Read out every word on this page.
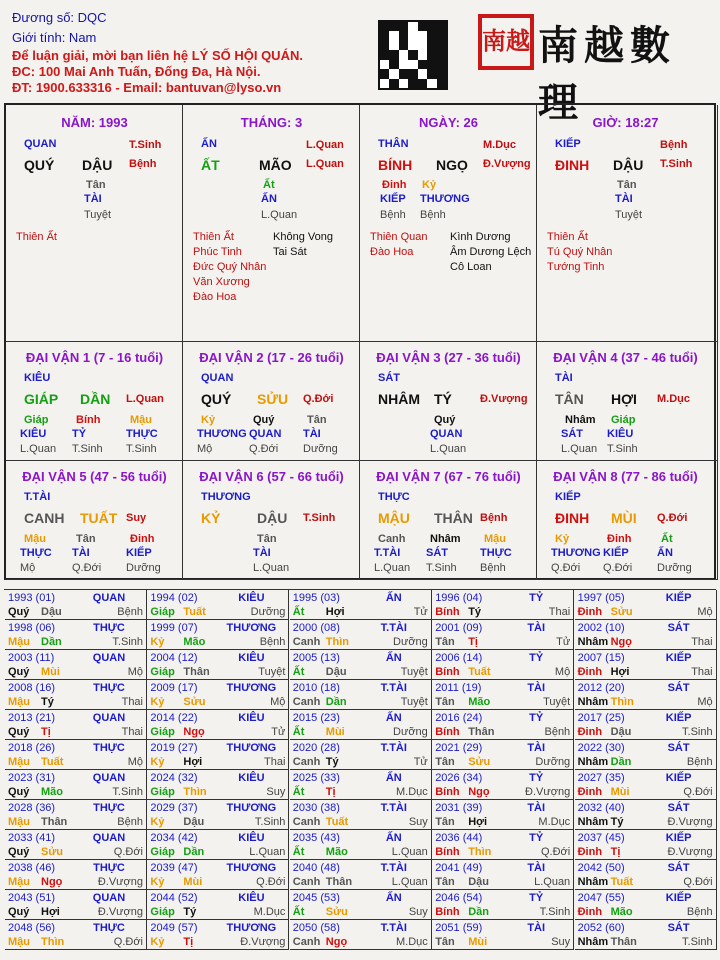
Đương số: DQC
Giới tính: Nam
Để luận giải, mời bạn liên hệ LÝ SỐ HỘI QUÁN.
ĐC: 100 Mai Anh Tuấn, Đống Đa, Hà Nội.
ĐT: 1900.633316 - Email: bantuvan@lyso.vn
南越 南越數理
NĂM: 1993
QUAN	T.Sinh
QUÝ DẬU Bệnh
Tân
TÀI
Tuyệt
Thiên Ất
THÁNG: 3
ẤN	L.Quan
ẤT	MÃO L.Quan
Ất
ẤN
L.Quan
Thiên Ất
Phúc Tinh
Đức Quý Nhân
Văn Xương
Đào Hoa
Không Vong
Tai Sát
NGÀY: 26
THÂN	M.Dục
BÍNH NGỌ Đ.Vượng
Đinh
KIẾP
Bệnh
Kỷ
THƯƠNG
Bệnh
Thiên Quan
Đào Hoa
Kình Dương
Âm Dương Lệch
Cô Loan
GIỜ: 18:27
KIẾP	Bệnh
ĐINH DẬU T.Sinh
Tân
TÀI
Tuyệt
Thiên Ất
Tú Quý Nhân
Tướng Tinh
ĐẠI VẬN 1 (7 - 16 tuổi)
KIÊU
GIÁP DẦN L.Quan
Giáp
KIÊU
L.Quan
Bính
TỶ
T.Sinh
Mậu
THỰC
T.Sinh
ĐẠI VẬN 2 (17 - 26 tuổi)
QUAN
QUÝ SỬU Q.Đới
Kỷ
THƯƠNG
Mộ
Quý
QUAN
Q.Đới
Tân
TÀI
Dưỡng
ĐẠI VẬN 3 (27 - 36 tuổi)
SÁT
NHÂM TÝ	Đ.Vượng
Quý
QUAN
L.Quan
ĐẠI VẬN 4 (37 - 46 tuổi)
TÀI
TÂN HỢI M.Dục
Nhâm
SÁT
L.Quan
Giáp
KIÊU
T.Sinh
ĐẠI VẬN 5 (47 - 56 tuổi)
T.TÀI
CANH TUẤT Suy
Mậu
THỰC
Mộ
Tân
TÀI
Q.Đới
Đinh
KIẾP
Dưỡng
ĐẠI VẬN 6 (57 - 66 tuổi)
THƯƠNG
KỶ	DẬU T.Sinh
Tân
TÀI
L.Quan
ĐẠI VẬN 7 (67 - 76 tuổi)
THỰC
MẬU THÂN Bệnh
Canh
T.TÀI
L.Quan
Nhâm
SÁT
T.Sinh
Mậu
THỰC
Bệnh
ĐẠI VẬN 8 (77 - 86 tuổi)
KIẾP
ĐINH MÙI Q.Đới
Kỷ
THƯƠNG
Q.Đới
Đinh
KIẾP
Q.Đới
Ất
ẤN
Dưỡng
1993 (01)	QUAN
Quý Dậu	Bệnh
1994 (02)	KIÊU
Giáp Tuất	Dưỡng
1995 (03)	ẤN
Ất Hợi	Tử
1996 (04)	TỶ
Bính Tý	Thai
1997 (05)	KIẾP
Đinh Sửu	Mộ
1998 (06)	THỰC
Mậu Dần	T.Sinh
1999 (07)	THƯƠNG
Kỷ Mão	Bệnh
2000 (08)	T.TÀI
Canh Thìn	Dưỡng
2001 (09)	TÀI
Tân Tị	Tử
2002 (10)	SÁT
Nhâm Ngọ	Thai
2003 (11)	QUAN
Quý Mùi	Mộ
2004 (12)	KIÊU
Giáp Thân	Tuyệt
2005 (13)	ẤN
Ất Dậu	Tuyệt
2006 (14)	TỶ
Bính Tuất	Mộ
2007 (15)	KIẾP
Đinh Hợi	Thai
2008 (16)	THỰC
Mậu Tý	Thai
2009 (17)	THƯƠNG
Kỷ Sửu	Mộ
2010 (18)	T.TÀI
Canh Dần	Tuyệt
2011 (19)	TÀI
Tân Mão	Tuyệt
2012 (20)	SÁT
Nhâm Thìn	Mộ
2013 (21)	QUAN
Quý Tị	Thai
2014 (22)	KIÊU
Giáp Ngọ	Tử
2015 (23)	ẤN
Ất Mùi	Dưỡng
2016 (24)	TỶ
Bính Thân	Bệnh
2017 (25)	KIẾP
Đinh Dậu	T.Sinh
2018 (26)	THỰC
Mậu Tuất	Mộ
2019 (27)	THƯƠNG
Kỷ Hợi	Thai
2020 (28)	T.TÀI
Canh Tý	Tử
2021 (29)	TÀI
Tân Sửu	Dưỡng
2022 (30)	SÁT
Nhâm Dần	Bệnh
2023 (31)	QUAN
Quý Mão	T.Sinh
2024 (32)	KIÊU
Giáp Thìn	Suy
2025 (33)	ẤN
Ất Tị	M.Dục
2026 (34)	TỶ
Bính Ngọ	Đ.Vượng
2027 (35)	KIẾP
Đinh Mùi	Q.Đới
2028 (36)	THỰC
Mậu Thân	Bệnh
2029 (37)	THƯƠNG
Kỷ Dậu	T.Sinh
2030 (38)	T.TÀI
Canh Tuất	Suy
2031 (39)	TÀI
Tân Hợi	M.Dục
2032 (40)	SÁT
Nhâm Tý	Đ.Vượng
2033 (41)	QUAN
Quý Sửu	Q.Đới
2034 (42)	KIÊU
Giáp Dần	L.Quan
2035 (43)	ẤN
Ất Mão	L.Quan
2036 (44)	TỶ
Bính Thìn	Q.Đới
2037 (45)	KIẾP
Đinh Tị	Đ.Vượng
2038 (46)	THỰC
Mậu Ngọ	Đ.Vượng
2039 (47)	THƯƠNG
Kỷ Mùi	Q.Đới
2040 (48)	T.TÀI
Canh Thân	L.Quan
2041 (49)	TÀI
Tân Dậu	L.Quan
2042 (50)	SÁT
Nhâm Tuất	Q.Đới
2043 (51)	QUAN
Quý Hợi	Đ.Vượng
2044 (52)	KIÊU
Giáp Tý	M.Dục
2045 (53)	ẤN
Ất Sửu	Suy
2046 (54)	TỶ
Bính Dần	T.Sinh
2047 (55)	KIẾP
Đinh Mão	Bệnh
2048 (56)	THỰC
Mậu Thìn	Q.Đới
2049 (57)	THƯƠNG
Kỷ Tị	Đ.Vượng
2050 (58)	T.TÀI
Canh Ngọ	M.Dục
2051 (59)	TÀI
Tân Mùi	Suy
2052 (60)	SÁT
Nhâm Thân	T.Sinh
